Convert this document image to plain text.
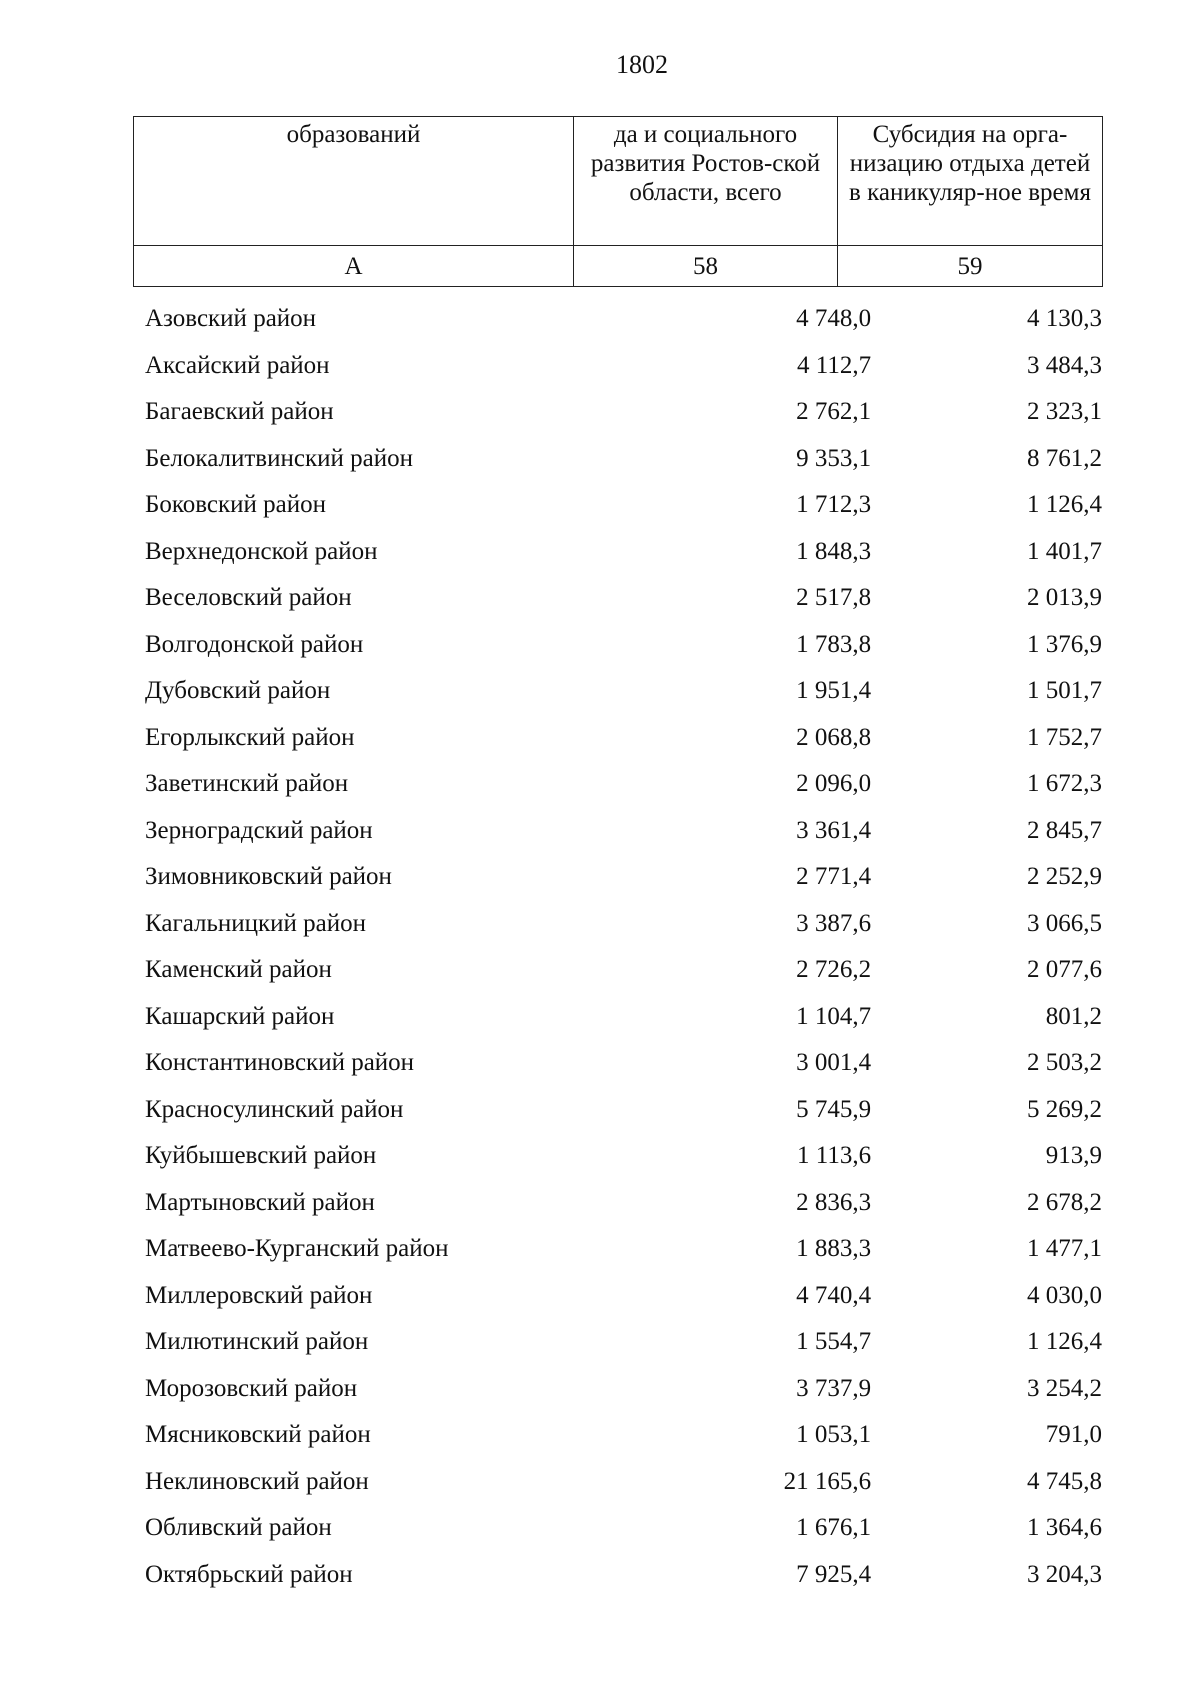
1802
образований	да и социального развития Ростов-ской области, всего	Субсидия на орга-низацию отдыха детей в каникуляр-ное время
А	58	59
Азовский район	4 748,0	4 130,3
Аксайский район	4 112,7	3 484,3
Багаевский район	2 762,1	2 323,1
Белокалитвинский район	9 353,1	8 761,2
Боковский район	1 712,3	1 126,4
Верхнедонской район	1 848,3	1 401,7
Веселовский район	2 517,8	2 013,9
Волгодонской район	1 783,8	1 376,9
Дубовский район	1 951,4	1 501,7
Егорлыкский район	2 068,8	1 752,7
Заветинский район	2 096,0	1 672,3
Зерноградский район	3 361,4	2 845,7
Зимовниковский район	2 771,4	2 252,9
Кагальницкий район	3 387,6	3 066,5
Каменский район	2 726,2	2 077,6
Кашарский район	1 104,7	801,2
Константиновский район	3 001,4	2 503,2
Красносулинский район	5 745,9	5 269,2
Куйбышевский район	1 113,6	913,9
Мартыновский район	2 836,3	2 678,2
Матвеево-Курганский район	1 883,3	1 477,1
Миллеровский район	4 740,4	4 030,0
Милютинский район	1 554,7	1 126,4
Морозовский район	3 737,9	3 254,2
Мясниковский район	1 053,1	791,0
Неклиновский район	21 165,6	4 745,8
Обливский район	1 676,1	1 364,6
Октябрьский район	7 925,4	3 204,3
